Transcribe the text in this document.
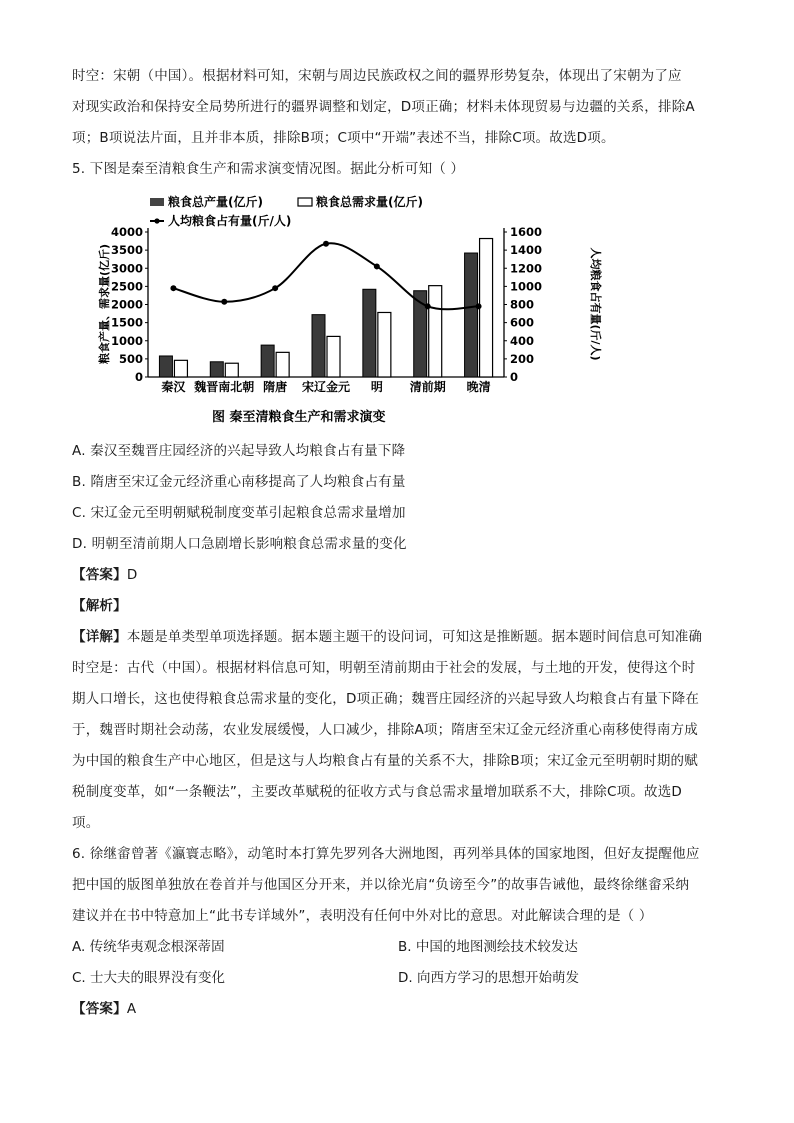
时空：宋朝（中国）。根据材料可知，宋朝与周边民族政权之间的疆界形势复杂，体现出了宋朝为了应
对现实政治和保持安全局势所进行的疆界调整和划定，D项正确；材料未体现贸易与边疆的关系，排除A
项；B项说法片面，且并非本质，排除B项；C项中“开端”表述不当，排除C项。故选D项。
5. 下图是秦至清粮食生产和需求演变情况图。据此分析可知（ ）
粮食总产量(亿斤)	粮食总需求量(亿斤)
人均粮食占有量(斤/人)
粮食产量、需求量(亿斤)	人均粮食占有量(斤/人)
0
500
1000
1500
2000
2500
3000
3500
4000
0
200
400
600
800
1000
1200
1400
1600
秦汉 魏晋南北朝 隋唐 宋辽金元 明 清前期 晚清
图 秦至清粮食生产和需求演变
A. 秦汉至魏晋庄园经济的兴起导致人均粮食占有量下降
B. 隋唐至宋辽金元经济重心南移提高了人均粮食占有量
C. 宋辽金元至明朝赋税制度变革引起粮食总需求量增加
D. 明朝至清前期人口急剧增长影响粮食总需求量的变化
【答案】D
【解析】
【详解】本题是单类型单项选择题。据本题主题干的设问词，可知这是推断题。据本题时间信息可知准确
时空是：古代（中国）。根据材料信息可知，明朝至清前期由于社会的发展，与土地的开发，使得这个时
期人口增长，这也使得粮食总需求量的变化，D项正确；魏晋庄园经济的兴起导致人均粮食占有量下降在
于，魏晋时期社会动荡，农业发展缓慢，人口减少，排除A项；隋唐至宋辽金元经济重心南移使得南方成
为中国的粮食生产中心地区，但是这与人均粮食占有量的关系不大，排除B项；宋辽金元至明朝时期的赋
税制度变革，如“一条鞭法”，主要改革赋税的征收方式与食总需求量增加联系不大，排除C项。故选D
项。
6. 徐继畲曾著《瀛寰志略》，动笔时本打算先罗列各大洲地图，再列举具体的国家地图，但好友提醒他应
把中国的版图单独放在卷首并与他国区分开来，并以徐光肩“负谤至今”的故事告诫他，最终徐继畲采纳
建议并在书中特意加上“此书专详域外”，表明没有任何中外对比的意思。对此解读合理的是（ ）
A. 传统华夷观念根深蒂固	B. 中国的地图测绘技术较发达
C. 士大夫的眼界没有变化	D. 向西方学习的思想开始萌发
【答案】A
